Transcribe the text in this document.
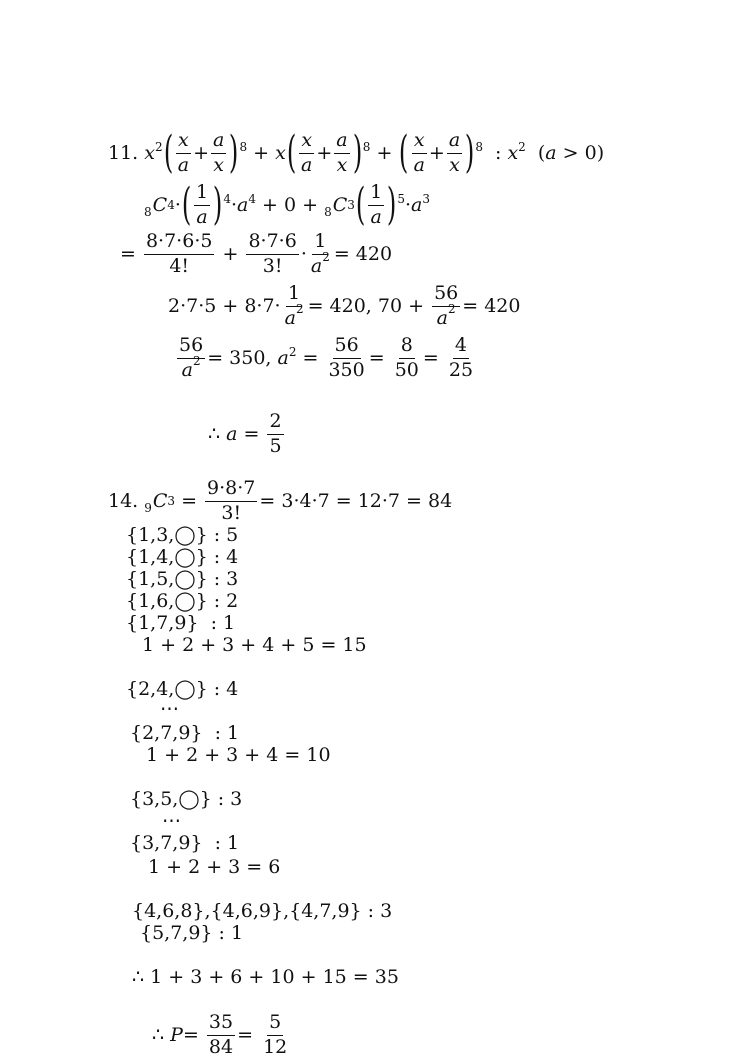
11. $x^2$ ( $\frac{x}{a} + \frac{a}{x} )^8 + x$ ( $\frac{x}{a} + \frac{a}{x} )^8$ + ( $\frac{x}{a} + \frac{a}{x} )^8$ : $x^2$ ( a > 0)
8 C 4 · ( $\frac{1}{a} )^4 \cdot a^4 + 0 + 8$ C 3 ( $\frac{1}{a} )^5 \cdot a^3$
= $\frac{8\cdot 7\cdot 6\cdot 5}{4!} + \frac{8\cdot 7\cdot 6}{3!} \cdot \frac{1}{a^2} = 420$
$2\cdot 7\cdot 5 + 8\cdot 7\cdot \frac{1}{a^2} = 420$, $70 + \frac{56}{a^2} = 420$
$\frac{56}{a^2} = 350$, $a^2 = \frac{56}{350} = \frac{8}{50} = \frac{4}{25}$
∴ $a = \frac{2}{5}$
14. 9 C $3 = \frac{9\cdot 8\cdot 7}{3!} = 3\cdot 4\cdot 7 = 12\cdot 7 = 84$
{1,3,◯} : 5
{1,4,◯} : 4
{1,5,◯} : 3
{1,6,◯} : 2
{1,7,9}  : 1
1 + 2 + 3 + 4 + 5 = 15
{2,4,◯} : 4
⋯
{2,7,9}  : 1
1 + 2 + 3 + 4 = 10
{3,5,◯} : 3
⋯
{3,7,9}  : 1
1 + 2 + 3 = 6
{4,6,8},{4,6,9},{4,7,9} : 3
{5,7,9} : 1
∴ 1 + 3 + 6 + 10 + 15 = 35
∴ $P = \frac{35}{84} = \frac{5}{12}$
